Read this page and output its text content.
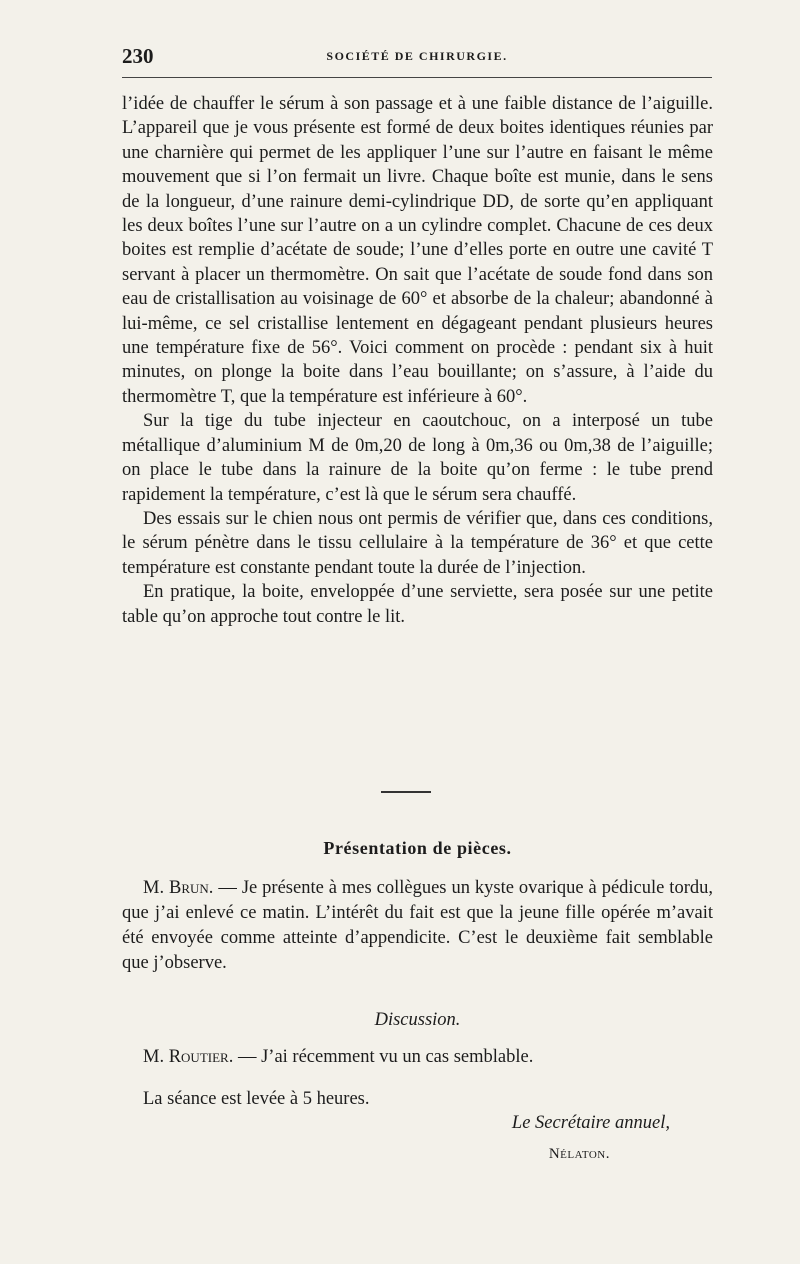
230	SOCIÉTÉ DE CHIRURGIE.

l’idée de chauffer le sérum à son passage et à une faible distance de l’aiguille. L’appareil que je vous présente est formé de deux boites identiques réunies par une charnière qui permet de les appliquer l’une sur l’autre en faisant le même mouvement que si l’on fermait un livre. Chaque boîte est munie, dans le sens de la longueur, d’une rainure demi-cylindrique DD, de sorte qu’en appliquant les deux boîtes l’une sur l’autre on a un cylindre complet. Chacune de ces deux boites est remplie d’acétate de soude; l’une d’elles porte en outre une cavité T servant à placer un thermomètre. On sait que l’acétate de soude fond dans son eau de cristallisation au voisinage de 60° et absorbe de la chaleur; abandonné à lui-même, ce sel cristallise lentement en dégageant pendant plusieurs heures une température fixe de 56°. Voici comment on procède : pendant six à huit minutes, on plonge la boite dans l’eau bouillante; on s’assure, à l’aide du thermomètre T, que la température est inférieure à 60°.

Sur la tige du tube injecteur en caoutchouc, on a interposé un tube métallique d’aluminium M de 0m,20 de long à 0m,36 ou 0m,38 de l’aiguille; on place le tube dans la rainure de la boite qu’on ferme : le tube prend rapidement la température, c’est là que le sérum sera chauffé.

Des essais sur le chien nous ont permis de vérifier que, dans ces conditions, le sérum pénètre dans le tissu cellulaire à la température de 36° et que cette température est constante pendant toute la durée de l’injection.

En pratique, la boite, enveloppée d’une serviette, sera posée sur une petite table qu’on approche tout contre le lit.

Présentation de pièces.

M. Brun. — Je présente à mes collègues un kyste ovarique à pédicule tordu, que j’ai enlevé ce matin. L’intérêt du fait est que la jeune fille opérée m’avait été envoyée comme atteinte d’appendicite. C’est le deuxième fait semblable que j’observe.

Discussion.
M. Routier. — J’ai récemment vu un cas semblable.
La séance est levée à 5 heures.
Le Secrétaire annuel,
Nélaton.
